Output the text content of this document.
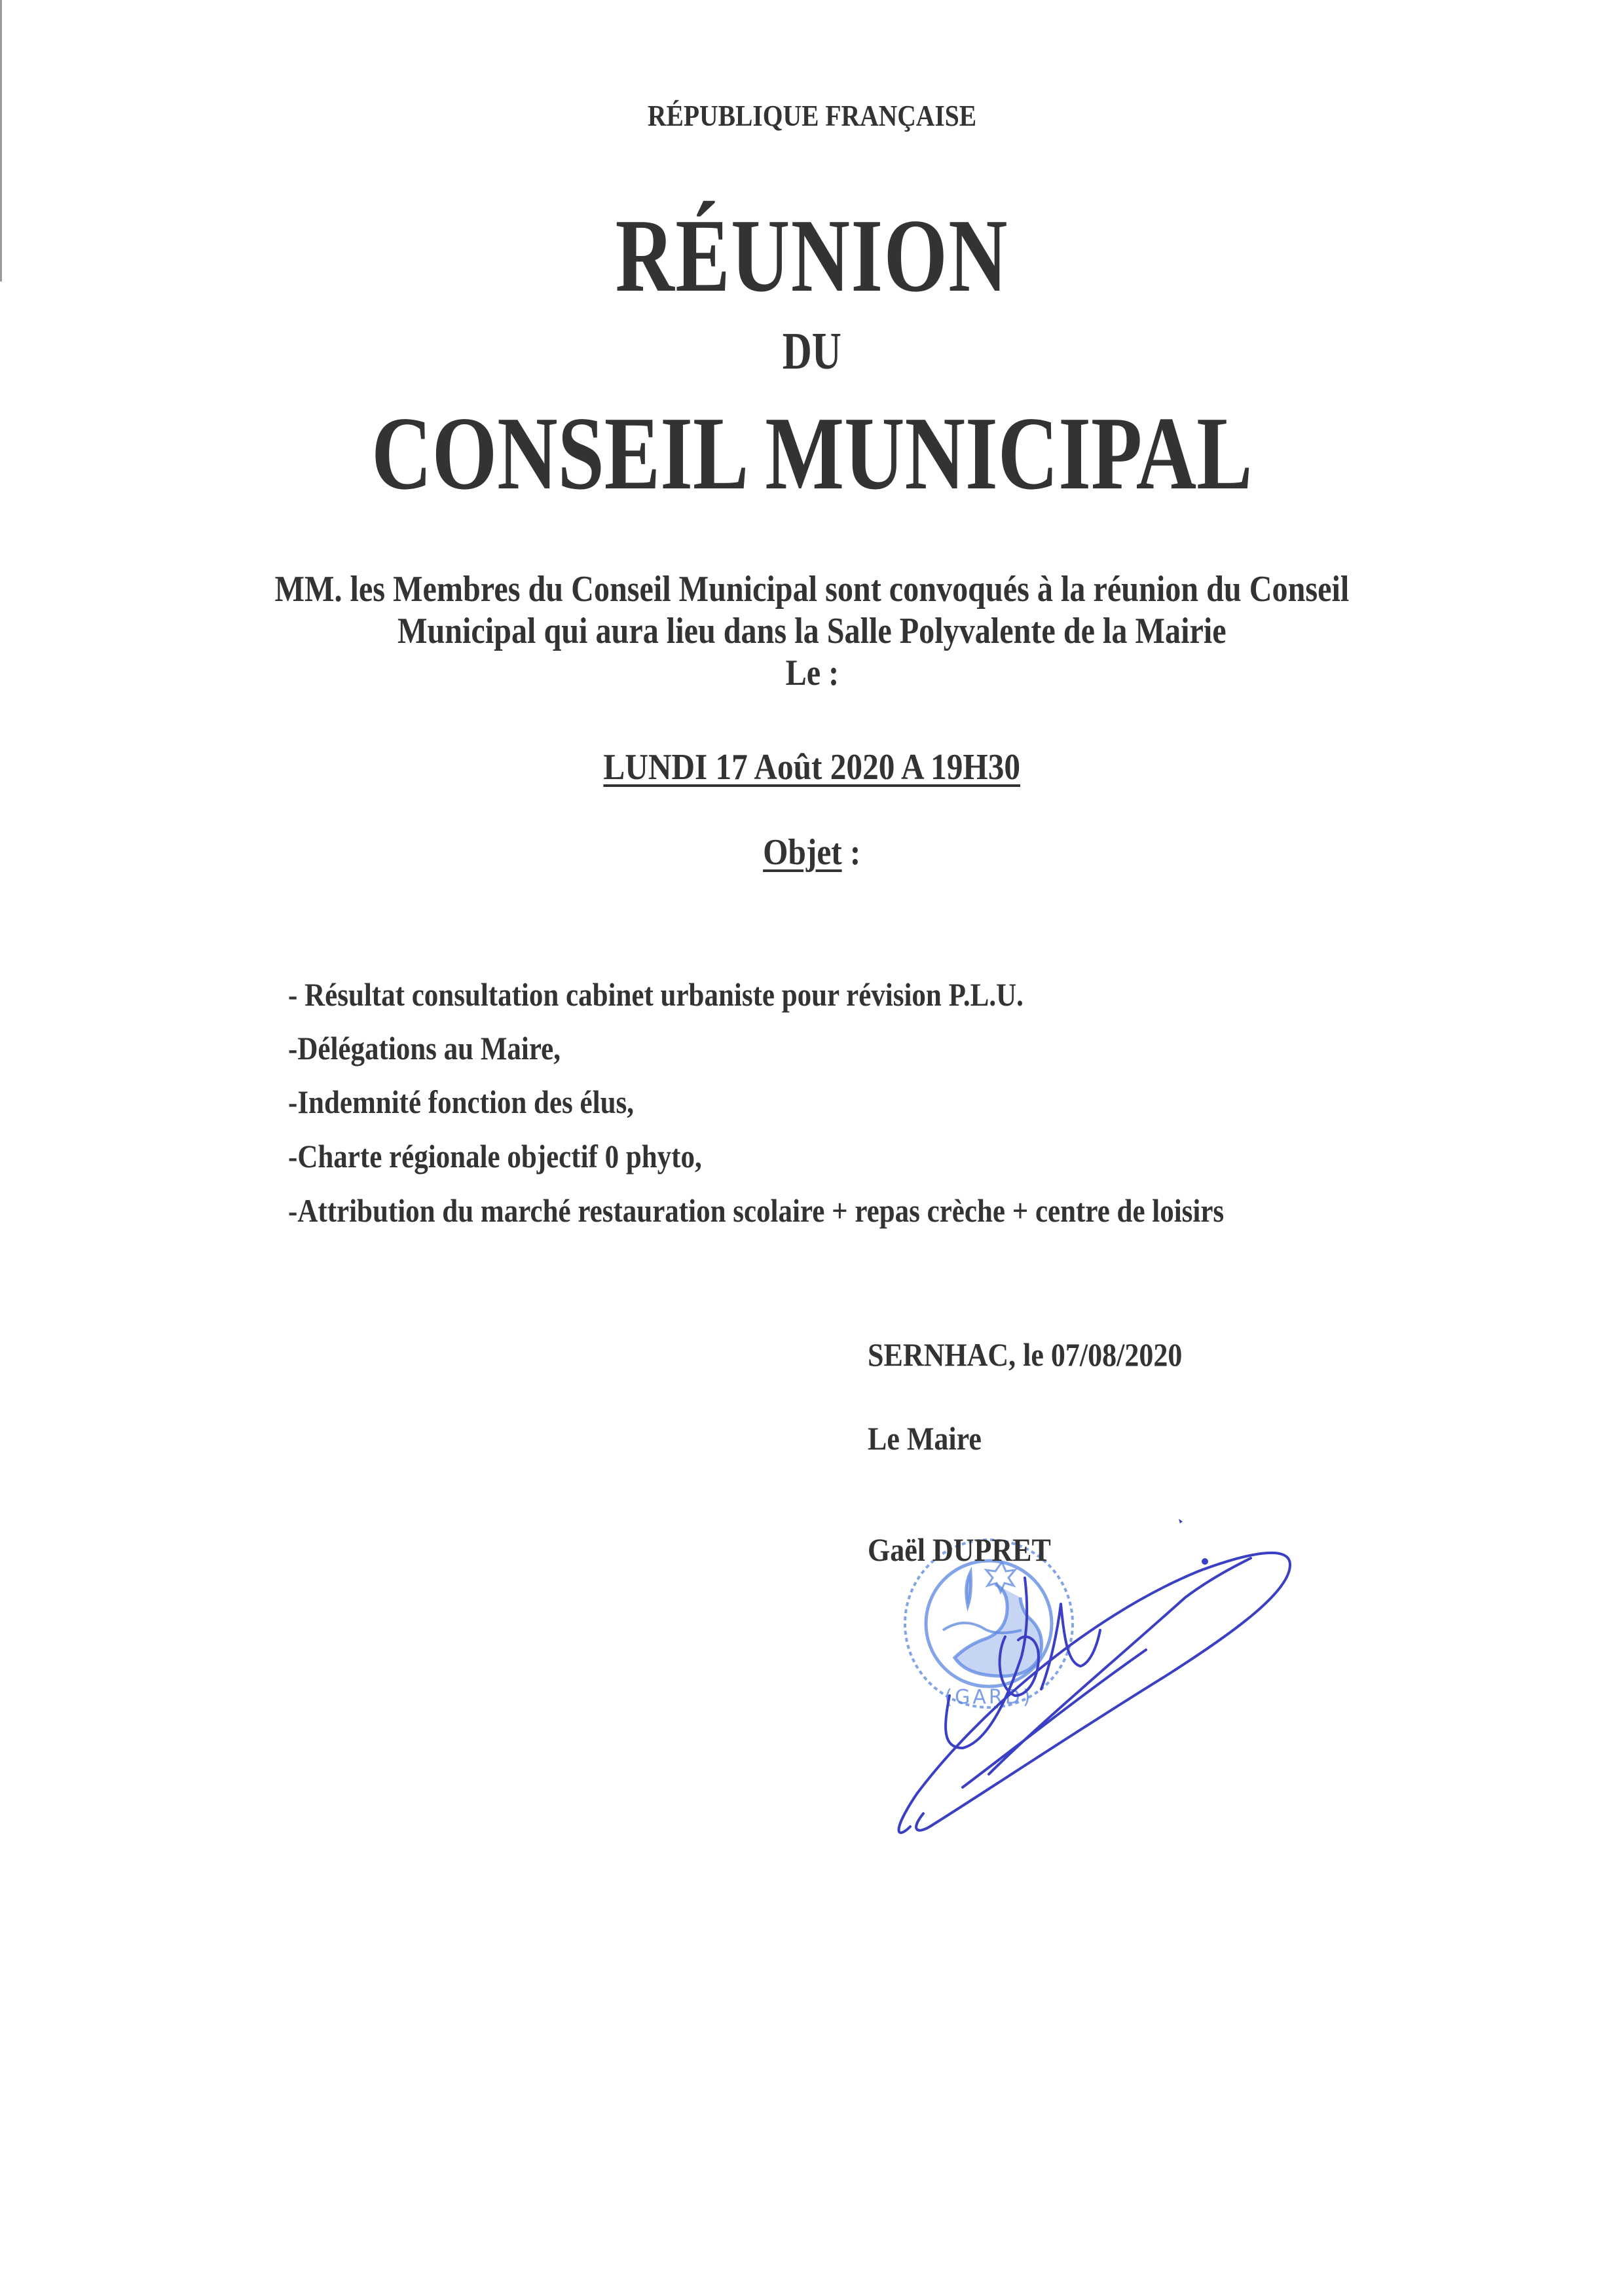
RÉPUBLIQUE FRANÇAISE
RÉUNION
DU
CONSEIL MUNICIPAL
MM. les Membres du Conseil Municipal sont convoqués à la réunion du Conseil
Municipal qui aura lieu dans la Salle Polyvalente de la Mairie
Le :
LUNDI 17 Août 2020 A 19H30
Objet :
- Résultat consultation cabinet urbaniste pour révision P.L.U.
-Délégations au Maire,
-Indemnité fonction des élus,
-Charte régionale objectif 0 phyto,
-Attribution du marché restauration scolaire + repas crèche + centre de loisirs
SERNHAC, le 07/08/2020
Le Maire
(GARD)
Gaël DUPRET
